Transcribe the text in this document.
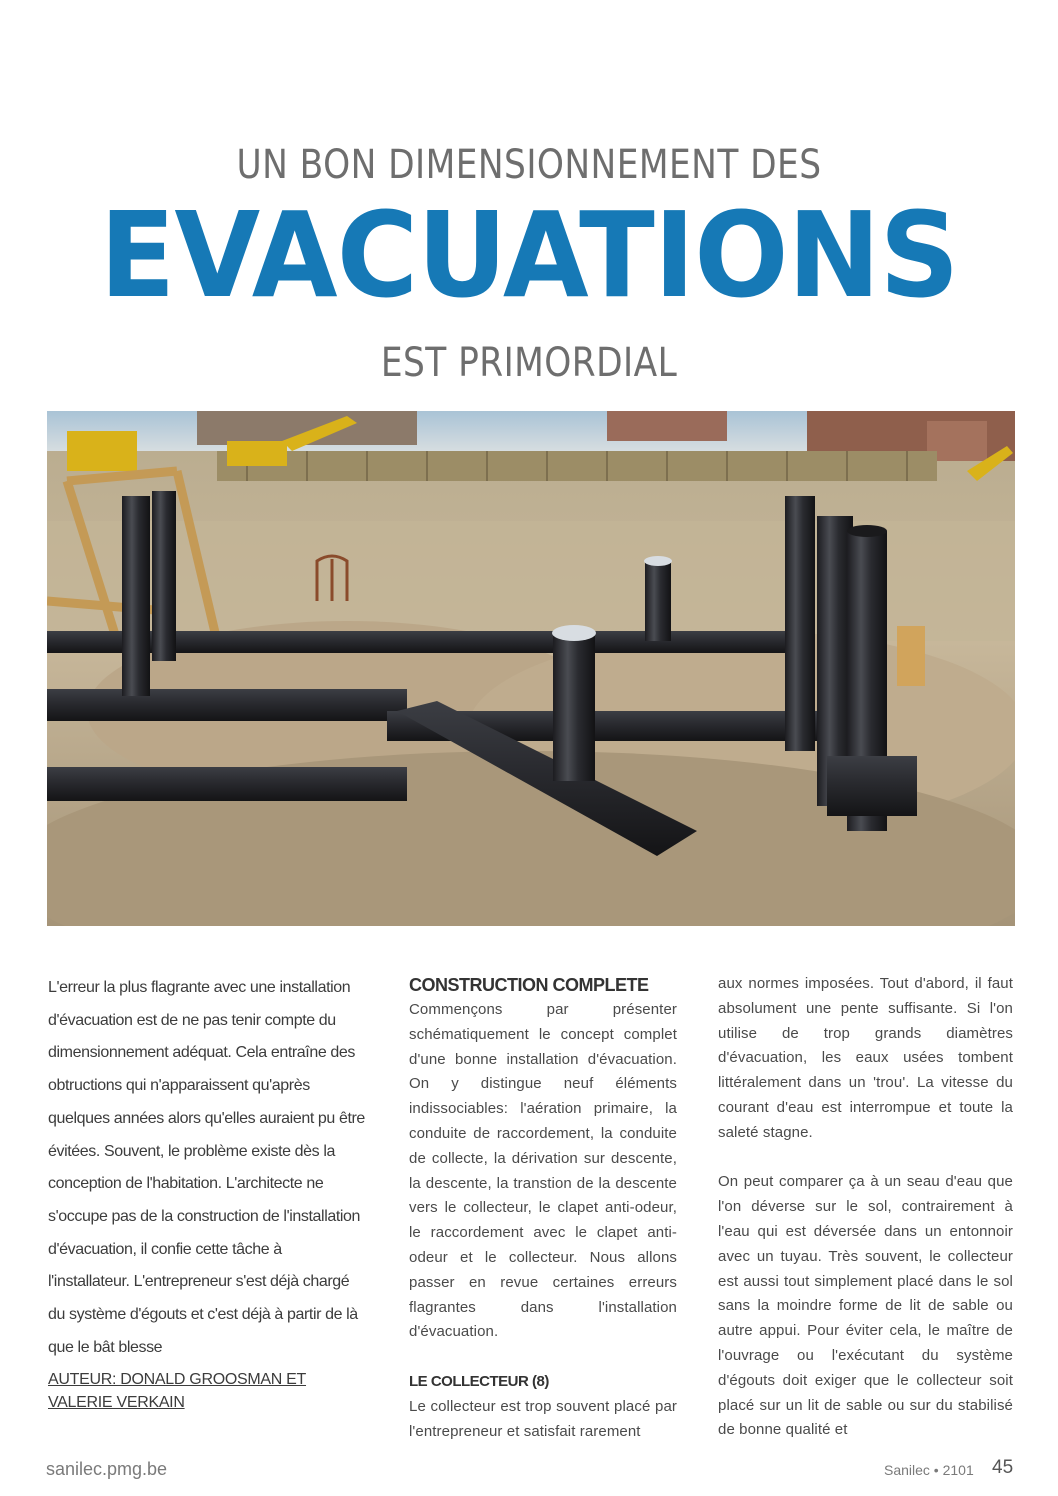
UN BON DIMENSIONNEMENT DES
EVACUATIONS
EST PRIMORDIAL

L'erreur la plus flagrante avec une installation d'évacuation est de ne pas tenir compte du dimensionnement adéquat. Cela entraîne des obtructions qui n'apparaissent qu'après quelques années alors qu'elles auraient pu être évitées. Souvent, le problème existe dès la conception de l'habitation. L'architecte ne s'occupe pas de la construction de l'installation d'évacuation, il confie cette tâche à l'installateur. L'entrepreneur s'est déjà chargé du système d'égouts et c'est déjà à partir de là que le bât blesse

AUTEUR: DONALD GROOSMAN ET VALERIE VERKAIN
CONSTRUCTION COMPLETE

Commençons par présenter schématiquement le concept complet d'une bonne installation d'évacuation. On y distingue neuf éléments indissociables: l'aération primaire, la conduite de raccordement, la conduite de collecte, la dérivation sur descente, la descente, la transtion de la descente vers le collecteur, le clapet anti-odeur, le raccordement avec le clapet anti-odeur et le collecteur. Nous allons passer en revue certaines erreurs flagrantes dans l'installation d'évacuation.

LE COLLECTEUR (8)

Le collecteur est trop souvent placé par l'entrepreneur et satisfait rarement

aux normes imposées. Tout d'abord, il faut absolument une pente suffisante. Si l'on utilise de trop grands diamètres d'évacuation, les eaux usées tombent littéralement dans un 'trou'. La vitesse du courant d'eau est interrompue et toute la saleté stagne.

On peut comparer ça à un seau d'eau que l'on déverse sur le sol, contrairement à l'eau qui est déversée dans un entonnoir avec un tuyau. Très souvent, le collecteur est aussi tout simplement placé dans le sol sans la moindre forme de lit de sable ou autre appui. Pour éviter cela, le maître de l'ouvrage ou l'exécutant du système d'égouts doit exiger que le collecteur soit placé sur un lit de sable ou sur du stabilisé de bonne qualité et

sanilec.pmg.be	Sanilec • 2101 45
